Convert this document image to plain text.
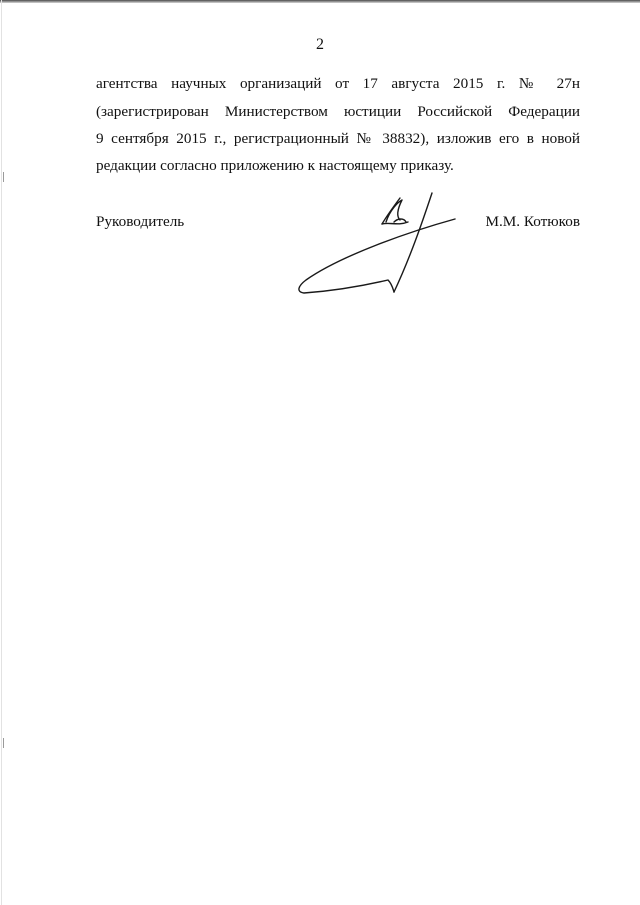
2
агентства научных организаций от 17 августа 2015 г. № 27н
(зарегистрирован Министерством юстиции Российской Федерации
9 сентября 2015 г., регистрационный № 38832), изложив его в новой
редакции согласно приложению к настоящему приказу.
Руководитель	М.М. Котюков
